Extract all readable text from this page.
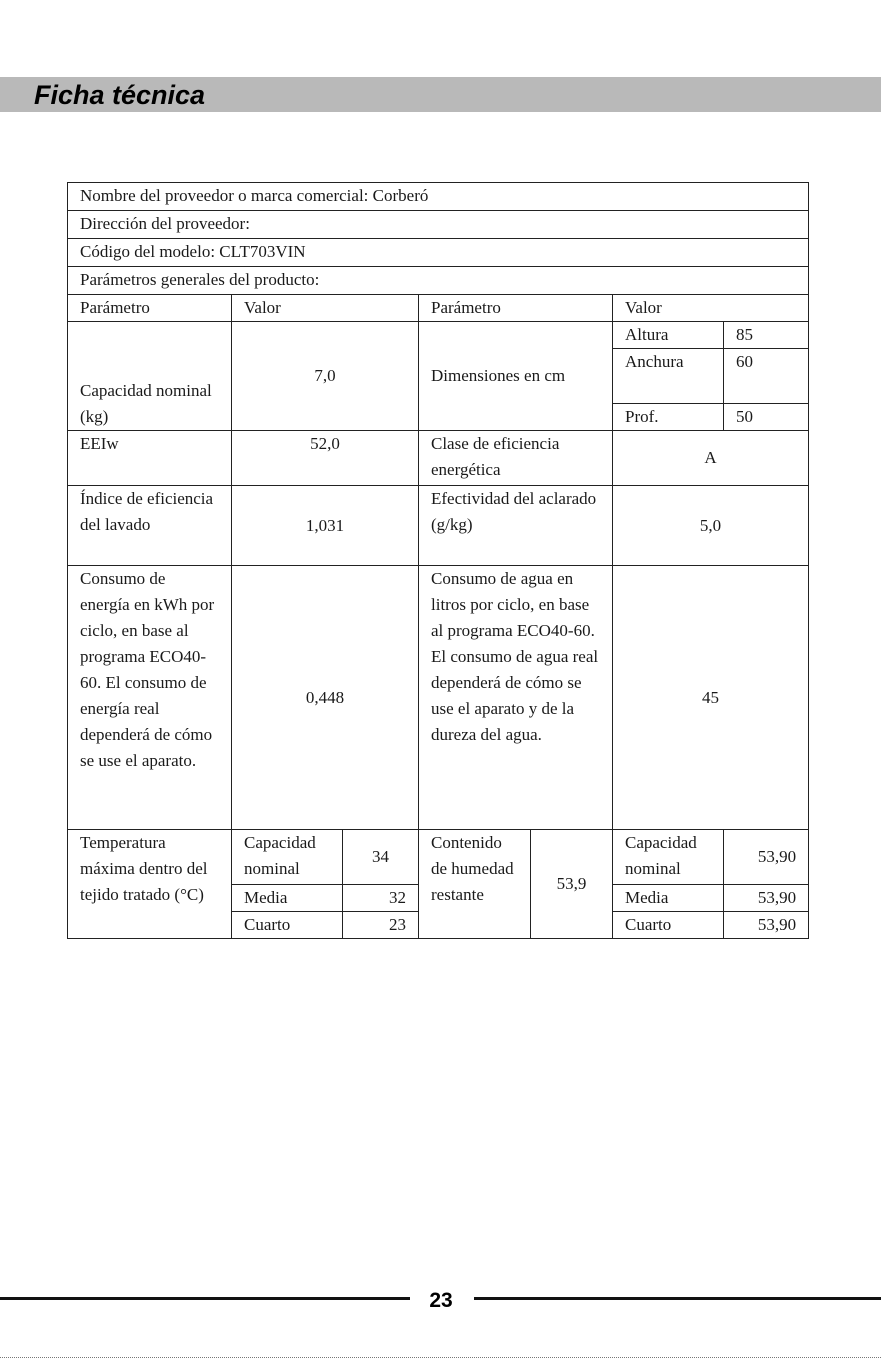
Ficha técnica
Nombre del proveedor o marca comercial: Corberó						
Dirección del proveedor:						
Código del modelo: CLT703VIN						
Parámetros generales del producto:						
Parámetro	Valor		Parámetro		Valor	
Capacidad nominal (kg)	7,0		Dimensiones en cm		Altura	85
					Anchura	60
					Prof.	50
EEIw	52,0		Clase de eficiencia energética		A	
Índice de eficiencia del lavado	1,031		Efectividad del aclarado (g/kg)		5,0	
Consumo de energía en kWh por ciclo, en base al programa ECO40-60. El consumo de energía real dependerá de cómo se use el aparato.	0,448		Consumo de agua en litros por ciclo, en base al programa ECO40-60. El consumo de agua real dependerá de cómo se use el aparato y de la dureza del agua.		45	
Temperatura máxima dentro del tejido tratado (°C)	Capacidad nominal	34	Contenido de humedad restante	53,9	Capacidad nominal	53,90
	Media	32			Media	53,90
	Cuarto	23			Cuarto	53,90
23
